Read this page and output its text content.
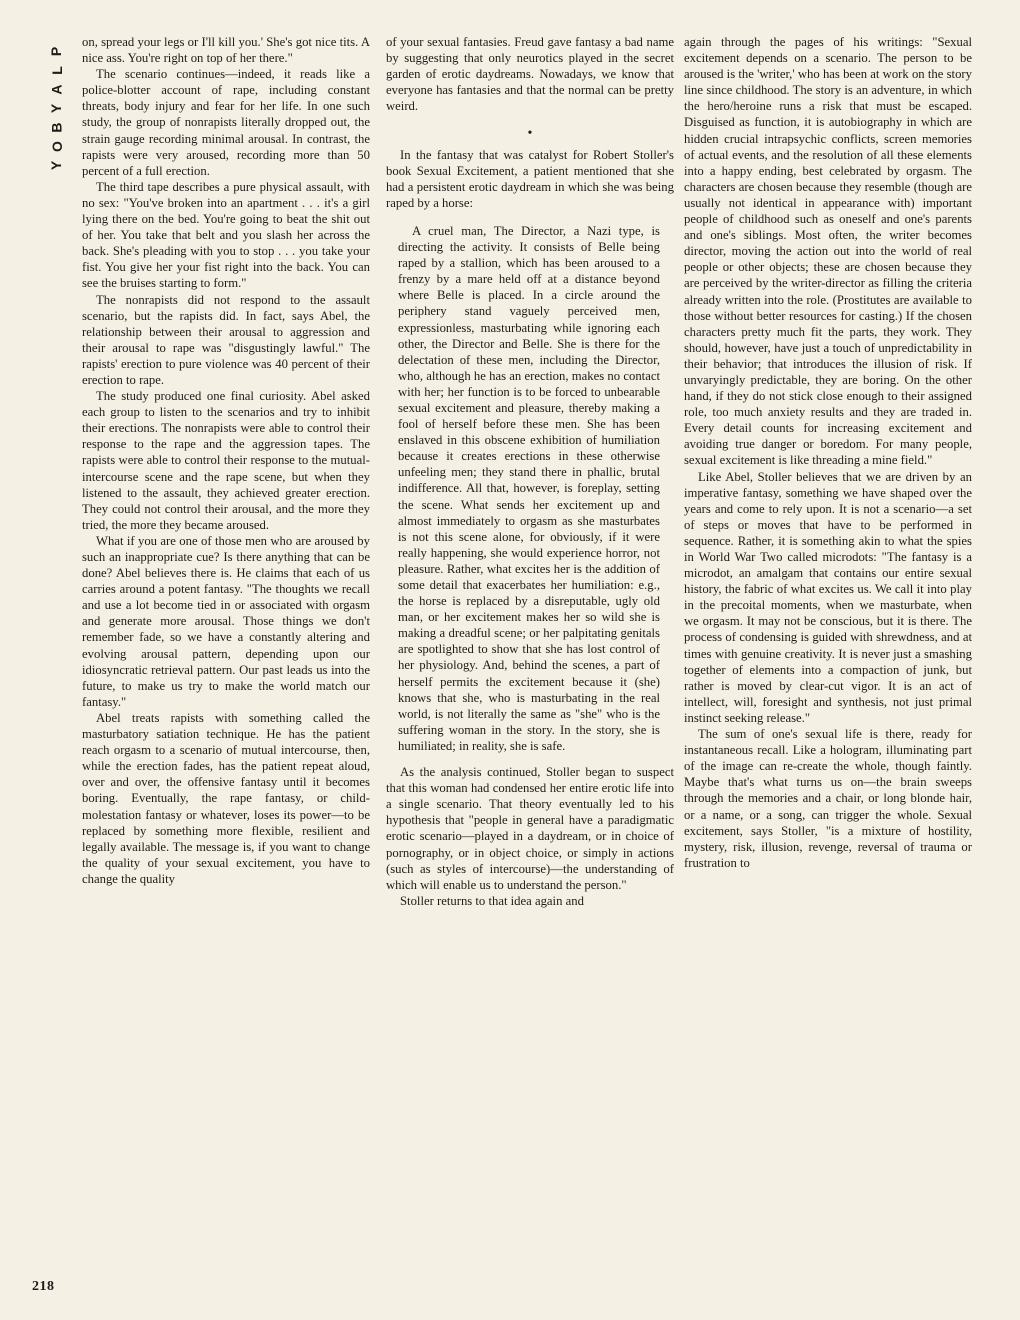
P
L
A
Y
B
O
Y
218

on, spread your legs or I'll kill you.' She's got nice tits. A nice ass. You're right on top of her there."

The scenario continues—indeed, it reads like a police-blotter account of rape, including constant threats, body injury and fear for her life. In one such study, the group of nonrapists literally dropped out, the strain gauge recording minimal arousal. In contrast, the rapists were very aroused, recording more than 50 percent of a full erection.

The third tape describes a pure physical assault, with no sex: "You've broken into an apartment . . . it's a girl lying there on the bed. You're going to beat the shit out of her. You take that belt and you slash her across the back. She's pleading with you to stop . . . you take your fist. You give her your fist right into the back. You can see the bruises starting to form."

The nonrapists did not respond to the assault scenario, but the rapists did. In fact, says Abel, the relationship between their arousal to aggression and their arousal to rape was "disgustingly lawful." The rapists' erection to pure violence was 40 percent of their erection to rape.

The study produced one final curiosity. Abel asked each group to listen to the scenarios and try to inhibit their erections. The nonrapists were able to control their response to the rape and the aggression tapes. The rapists were able to control their response to the mutual-intercourse scene and the rape scene, but when they listened to the assault, they achieved greater erection. They could not control their arousal, and the more they tried, the more they became aroused.

What if you are one of those men who are aroused by such an inappropriate cue? Is there anything that can be done? Abel believes there is. He claims that each of us carries around a potent fantasy. "The thoughts we recall and use a lot become tied in or associated with orgasm and generate more arousal. Those things we don't remember fade, so we have a constantly altering and evolving arousal pattern, depending upon our idiosyncratic retrieval pattern. Our past leads us into the future, to make us try to make the world match our fantasy."

Abel treats rapists with something called the masturbatory satiation technique. He has the patient reach orgasm to a scenario of mutual intercourse, then, while the erection fades, has the patient repeat aloud, over and over, the offensive fantasy until it becomes boring. Eventually, the rape fantasy, or child-molestation fantasy or whatever, loses its power—to be replaced by something more flexible, resilient and legally available. The message is, if you want to change the quality of your sexual excitement, you have to change the quality

of your sexual fantasies. Freud gave fantasy a bad name by suggesting that only neurotics played in the secret garden of erotic daydreams. Nowadays, we know that everyone has fantasies and that the normal can be pretty weird.

•

In the fantasy that was catalyst for Robert Stoller's book Sexual Excitement, a patient mentioned that she had a persistent erotic daydream in which she was being raped by a horse:

A cruel man, The Director, a Nazi type, is directing the activity. It consists of Belle being raped by a stallion, which has been aroused to a frenzy by a mare held off at a distance beyond where Belle is placed. In a circle around the periphery stand vaguely perceived men, expressionless, masturbating while ignoring each other, the Director and Belle. She is there for the delectation of these men, including the Director, who, although he has an erection, makes no contact with her; her function is to be forced to unbearable sexual excitement and pleasure, thereby making a fool of herself before these men. She has been enslaved in this obscene exhibition of humiliation because it creates erections in these otherwise unfeeling men; they stand there in phallic, brutal indifference. All that, however, is foreplay, setting the scene. What sends her excitement up and almost immediately to orgasm as she masturbates is not this scene alone, for obviously, if it were really happening, she would experience horror, not pleasure. Rather, what excites her is the addition of some detail that exacerbates her humiliation: e.g., the horse is replaced by a disreputable, ugly old man, or her excitement makes her so wild she is making a dreadful scene; or her palpitating genitals are spotlighted to show that she has lost control of her physiology. And, behind the scenes, a part of herself permits the excitement because it (she) knows that she, who is masturbating in the real world, is not literally the same as "she" who is the suffering woman in the story. In the story, she is humiliated; in reality, she is safe.

As the analysis continued, Stoller began to suspect that this woman had condensed her entire erotic life into a single scenario. That theory eventually led to his hypothesis that "people in general have a paradigmatic erotic scenario—played in a daydream, or in choice of pornography, or in object choice, or simply in actions (such as styles of intercourse)—the understanding of which will enable us to understand the person."

Stoller returns to that idea again and

again through the pages of his writings: "Sexual excitement depends on a scenario. The person to be aroused is the 'writer,' who has been at work on the story line since childhood. The story is an adventure, in which the hero/heroine runs a risk that must be escaped. Disguised as function, it is autobiography in which are hidden crucial intrapsychic conflicts, screen memories of actual events, and the resolution of all these elements into a happy ending, best celebrated by orgasm. The characters are chosen because they resemble (though are usually not identical in appearance with) important people of childhood such as oneself and one's parents and one's siblings. Most often, the writer becomes director, moving the action out into the world of real people or other objects; these are chosen because they are perceived by the writer-director as filling the criteria already written into the role. (Prostitutes are available to those without better resources for casting.) If the chosen characters pretty much fit the parts, they work. They should, however, have just a touch of unpredictability in their behavior; that introduces the illusion of risk. If unvaryingly predictable, they are boring. On the other hand, if they do not stick close enough to their assigned role, too much anxiety results and they are traded in. Every detail counts for increasing excitement and avoiding true danger or boredom. For many people, sexual excitement is like threading a mine field."

Like Abel, Stoller believes that we are driven by an imperative fantasy, something we have shaped over the years and come to rely upon. It is not a scenario—a set of steps or moves that have to be performed in sequence. Rather, it is something akin to what the spies in World War Two called microdots: "The fantasy is a microdot, an amalgam that contains our entire sexual history, the fabric of what excites us. We call it into play in the precoital moments, when we masturbate, when we orgasm. It may not be conscious, but it is there. The process of condensing is guided with shrewdness, and at times with genuine creativity. It is never just a smashing together of elements into a compaction of junk, but rather is moved by clear-cut vigor. It is an act of intellect, will, foresight and synthesis, not just primal instinct seeking release."

The sum of one's sexual life is there, ready for instantaneous recall. Like a hologram, illuminating part of the image can re-create the whole, though faintly. Maybe that's what turns us on—the brain sweeps through the memories and a chair, or long blonde hair, or a name, or a song, can trigger the whole. Sexual excitement, says Stoller, "is a mixture of hostility, mystery, risk, illusion, revenge, reversal of trauma or frustration to
